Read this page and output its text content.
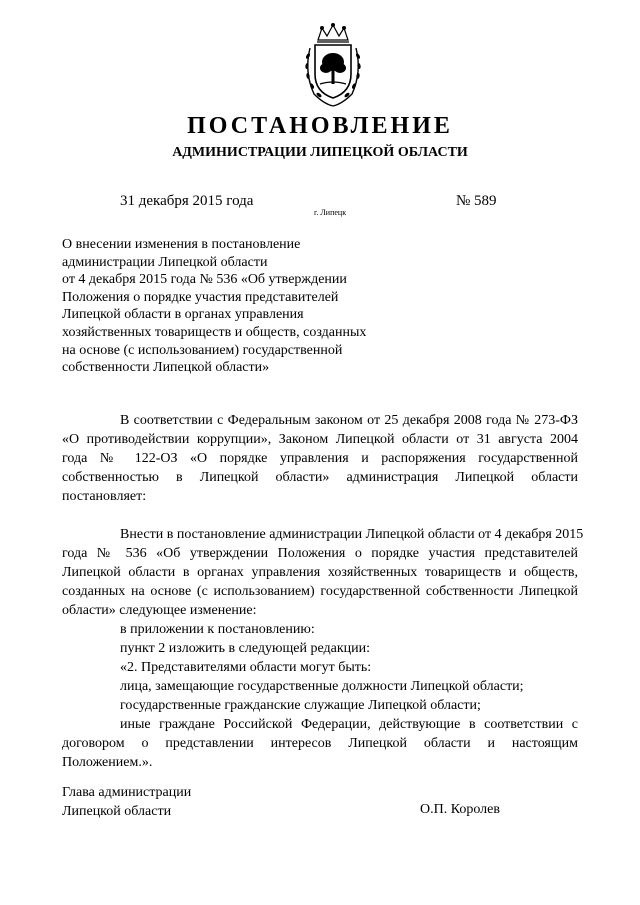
ПОСТАНОВЛЕНИЕ
АДМИНИСТРАЦИИ ЛИПЕЦКОЙ ОБЛАСТИ
31 декабря 2015 года
г. Липецк
№ 589
О внесении изменения в постановление
администрации Липецкой области
от 4 декабря 2015 года № 536 «Об утверждении
Положения о порядке участия представителей
Липецкой области в органах управления
хозяйственных товариществ и обществ, созданных
на основе (с использованием) государственной
собственности Липецкой области»
В соответствии с Федеральным законом от 25 декабря 2008 года № 273-ФЗ
«О противодействии коррупции», Законом Липецкой области от 31 августа 2004
года № 122-ОЗ «О порядке управления и распоряжения государственной
собственностью в Липецкой области» администрация Липецкой области
постановляет:
Внести в постановление администрации Липецкой области от 4 декабря 2015
года № 536 «Об утверждении Положения о порядке участия представителей
Липецкой области в органах управления хозяйственных товариществ и обществ,
созданных на основе (с использованием) государственной собственности Липецкой
области» следующее изменение:
в приложении к постановлению:
пункт 2 изложить в следующей редакции:
«2. Представителями области могут быть:
лица, замещающие государственные должности Липецкой области;
государственные гражданские служащие Липецкой области;
иные граждане Российской Федерации, действующие в соответствии с
договором о представлении интересов Липецкой области и настоящим
Положением.».
Глава администрации
Липецкой области	О.П. Королев
